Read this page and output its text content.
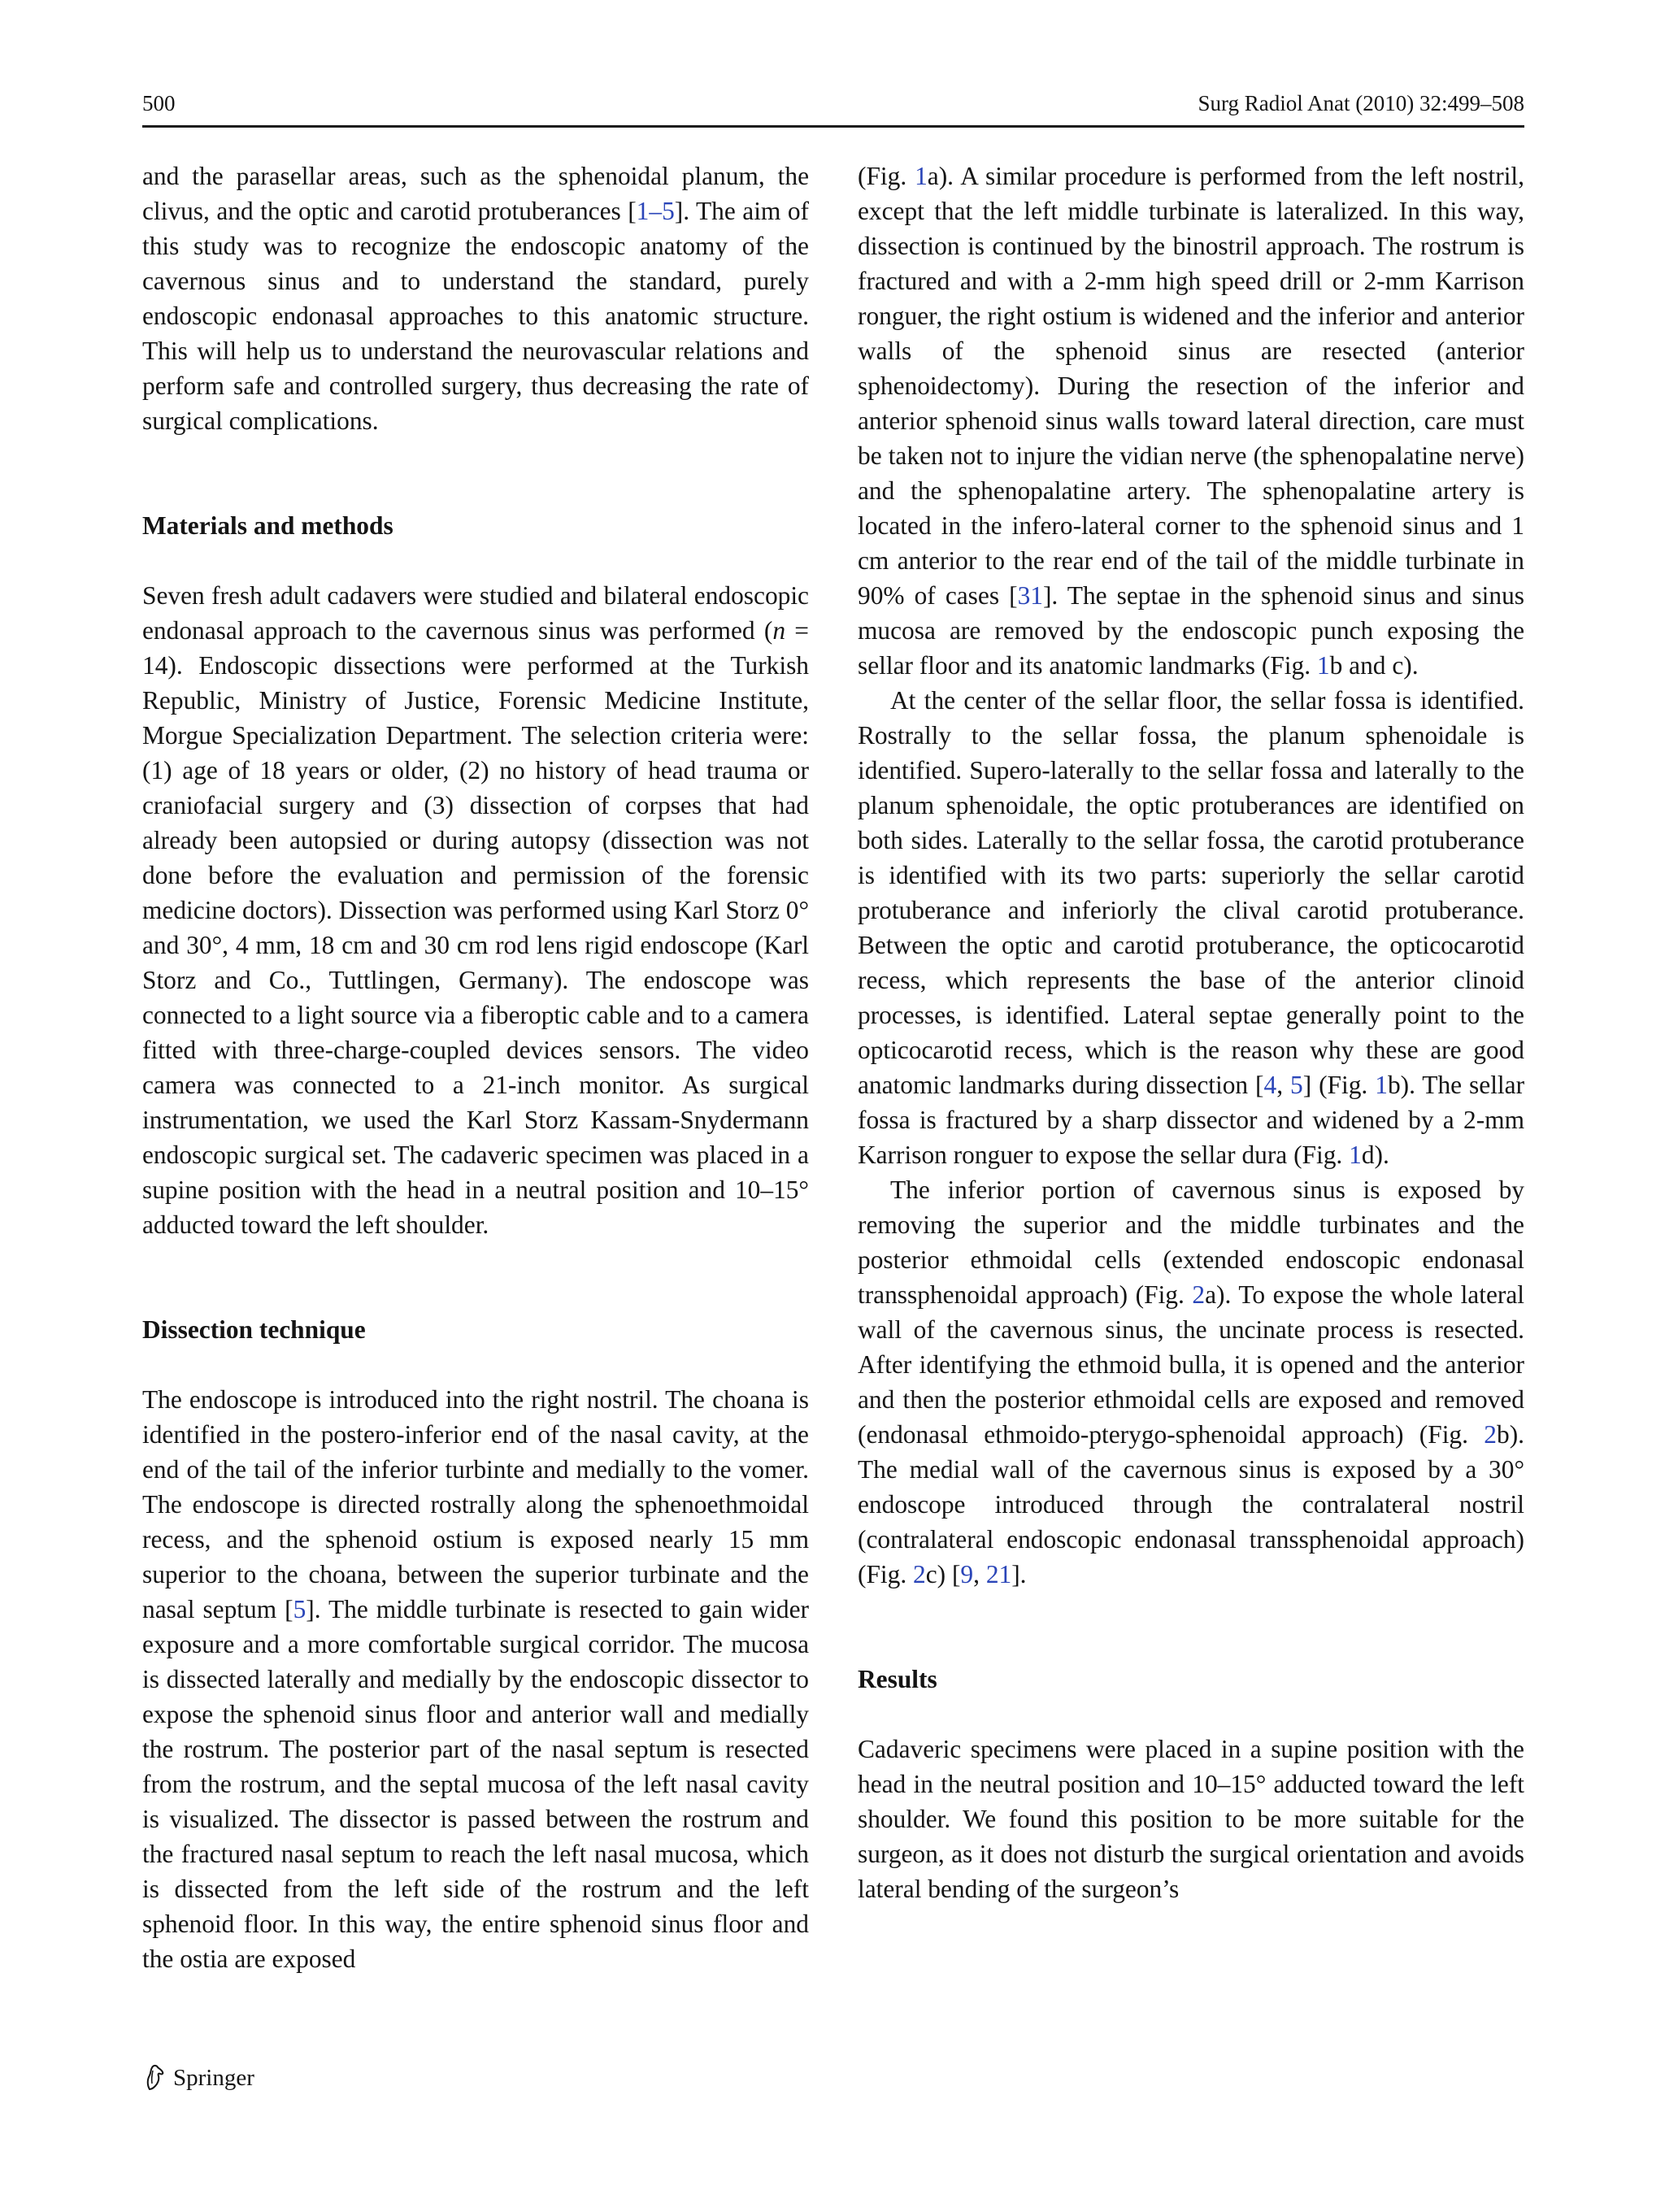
500	Surg Radiol Anat (2010) 32:499–508

and the parasellar areas, such as the sphenoidal planum, the clivus, and the optic and carotid protuberances [1–5]. The aim of this study was to recognize the endoscopic anatomy of the cavernous sinus and to understand the standard, purely endoscopic endonasal approaches to this anatomic structure. This will help us to understand the neurovascular relations and perform safe and controlled surgery, thus decreasing the rate of surgical complications.

Materials and methods

Seven fresh adult cadavers were studied and bilateral endoscopic endonasal approach to the cavernous sinus was performed (n = 14). Endoscopic dissections were performed at the Turkish Republic, Ministry of Justice, Forensic Medicine Institute, Morgue Specialization Department. The selection criteria were: (1) age of 18 years or older, (2) no history of head trauma or craniofacial surgery and (3) dissection of corpses that had already been autopsied or during autopsy (dissection was not done before the evaluation and permission of the forensic medicine doctors). Dissection was performed using Karl Storz 0° and 30°, 4 mm, 18 cm and 30 cm rod lens rigid endoscope (Karl Storz and Co., Tuttlingen, Germany). The endoscope was connected to a light source via a fiberoptic cable and to a camera fitted with three-charge-coupled devices sensors. The video camera was connected to a 21-inch monitor. As surgical instrumentation, we used the Karl Storz Kassam-Snydermann endoscopic surgical set. The cadaveric specimen was placed in a supine position with the head in a neutral position and 10–15° adducted toward the left shoulder.

Dissection technique

The endoscope is introduced into the right nostril. The choana is identified in the postero-inferior end of the nasal cavity, at the end of the tail of the inferior turbinte and medially to the vomer. The endoscope is directed rostrally along the sphenoethmoidal recess, and the sphenoid ostium is exposed nearly 15 mm superior to the choana, between the superior turbinate and the nasal septum [5]. The middle turbinate is resected to gain wider exposure and a more comfortable surgical corridor. The mucosa is dissected laterally and medially by the endoscopic dissector to expose the sphenoid sinus floor and anterior wall and medially the rostrum. The posterior part of the nasal septum is resected from the rostrum, and the septal mucosa of the left nasal cavity is visualized. The dissector is passed between the rostrum and the fractured nasal septum to reach the left nasal mucosa, which is dissected from the left side of the rostrum and the left sphenoid floor. In this way, the entire sphenoid sinus floor and the ostia are exposed

(Fig. 1a). A similar procedure is performed from the left nostril, except that the left middle turbinate is lateralized. In this way, dissection is continued by the binostril approach. The rostrum is fractured and with a 2-mm high speed drill or 2-mm Karrison ronguer, the right ostium is widened and the inferior and anterior walls of the sphenoid sinus are resected (anterior sphenoidectomy). During the resection of the inferior and anterior sphenoid sinus walls toward lateral direction, care must be taken not to injure the vidian nerve (the sphenopalatine nerve) and the sphenopalatine artery. The sphenopalatine artery is located in the infero-lateral corner to the sphenoid sinus and 1 cm anterior to the rear end of the tail of the middle turbinate in 90% of cases [31]. The septae in the sphenoid sinus and sinus mucosa are removed by the endoscopic punch exposing the sellar floor and its anatomic landmarks (Fig. 1b and c).

At the center of the sellar floor, the sellar fossa is identified. Rostrally to the sellar fossa, the planum sphenoidale is identified. Supero-laterally to the sellar fossa and laterally to the planum sphenoidale, the optic protuberances are identified on both sides. Laterally to the sellar fossa, the carotid protuberance is identified with its two parts: superiorly the sellar carotid protuberance and inferiorly the clival carotid protuberance. Between the optic and carotid protuberance, the opticocarotid recess, which represents the base of the anterior clinoid processes, is identified. Lateral septae generally point to the opticocarotid recess, which is the reason why these are good anatomic landmarks during dissection [4, 5] (Fig. 1b). The sellar fossa is fractured by a sharp dissector and widened by a 2-mm Karrison ronguer to expose the sellar dura (Fig. 1d).

The inferior portion of cavernous sinus is exposed by removing the superior and the middle turbinates and the posterior ethmoidal cells (extended endoscopic endonasal transsphenoidal approach) (Fig. 2a). To expose the whole lateral wall of the cavernous sinus, the uncinate process is resected. After identifying the ethmoid bulla, it is opened and the anterior and then the posterior ethmoidal cells are exposed and removed (endonasal ethmoido-pterygo-sphenoidal approach) (Fig. 2b). The medial wall of the cavernous sinus is exposed by a 30° endoscope introduced through the contralateral nostril (contralateral endoscopic endonasal transsphenoidal approach) (Fig. 2c) [9, 21].

Results

Cadaveric specimens were placed in a supine position with the head in the neutral position and 10–15° adducted toward the left shoulder. We found this position to be more suitable for the surgeon, as it does not disturb the surgical orientation and avoids lateral bending of the surgeon’s

Springer
